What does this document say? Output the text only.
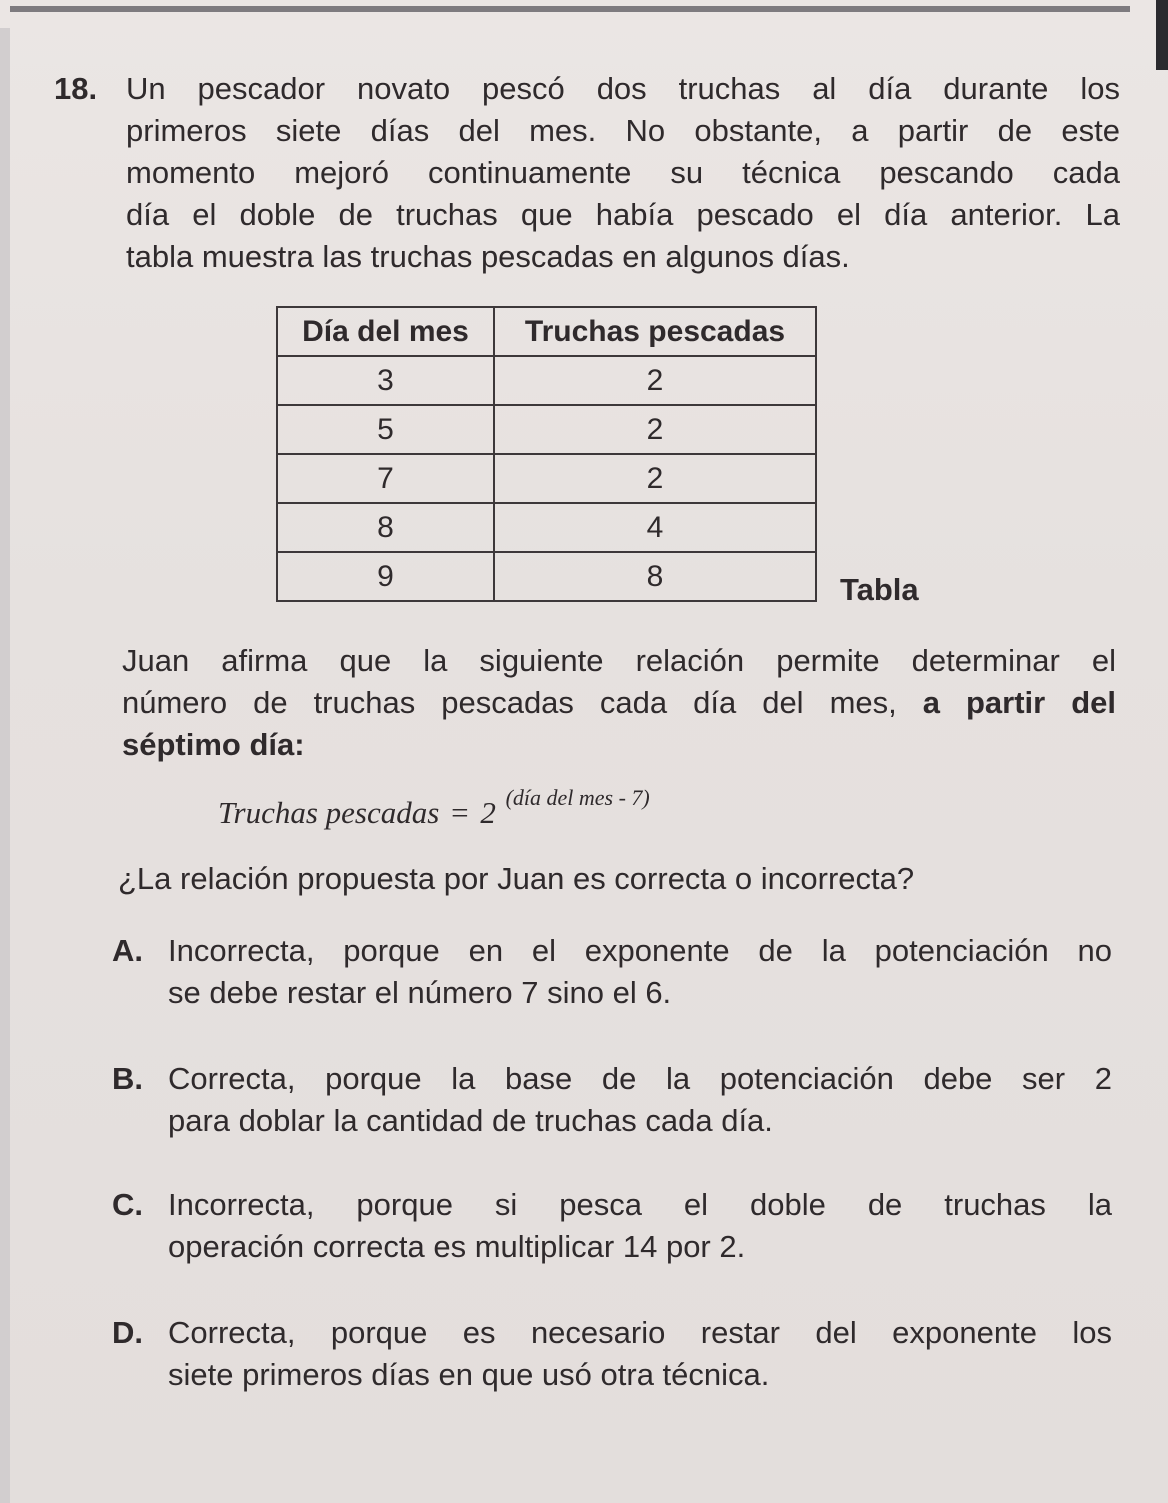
18. Un pescador novato pescó dos truchas al día durante los
primeros siete días del mes. No obstante, a partir de este
momento mejoró continuamente su técnica pescando cada
día el doble de truchas que había pescado el día anterior. La
tabla muestra las truchas pescadas en algunos días.
Día del mes	Truchas pescadas
3	2
5	2
7	2
8	4
9	8	Tabla
Juan afirma que la siguiente relación permite determinar el
número de truchas pescadas cada día del mes, a partir del
séptimo día:
Truchas pescadas = 2 $^{(día del mes - 7)}$
¿La relación propuesta por Juan es correcta o incorrecta?
A. Incorrecta, porque en el exponente de la potenciación no
se debe restar el número 7 sino el 6.
B. Correcta, porque la base de la potenciación debe ser 2
para doblar la cantidad de truchas cada día.
C. Incorrecta, porque si pesca el doble de truchas la
operación correcta es multiplicar 14 por 2.
D. Correcta, porque es necesario restar del exponente los
siete primeros días en que usó otra técnica.
